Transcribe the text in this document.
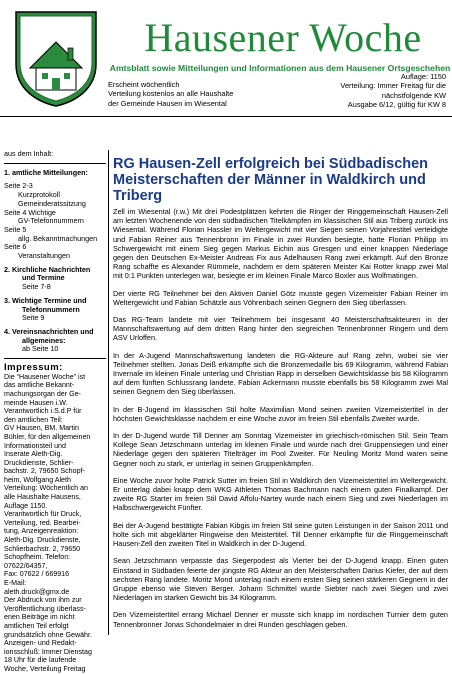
Hausener Woche
Amtsblatt sowie Mitteilungen und Informationen aus dem Hausener Ortsgeschehen
Erscheint wöchentlich
Verteilung kostenlos an alle Haushalte
der Gemeinde Hausen im Wiesental
Auflage: 1150
Verteilung: Immer Freitag für die
nächstfolgende KW
Ausgabe 6/12, gültig für KW 8
aus dem Inhalt:
1. amtliche Mitteilungen:
Seite 2-3
Kurzprotokoll
Gemeinderatssitzung
Seite 4 Wichtige
GV-Telefonnummern
Seite 5
allg. Bekanntmachungen
Seite 6
Veranstaltungen
2. Kirchliche Nachrichten
und Termine
Seite 7-8
3. Wichtige Termine und
Telefonnummern
Seite 9
4. Vereinsnachrichten und
allgemeines:
ab Seite 10
Impressum:
Die “Hausener Woche” ist
das amtliche Bekannt-
machungsorgan der Ge-
meinde Hausen i.W.
Verantwortlich i.S.d.P für
den amtlichen Teil:
GV Hausen, BM. Martin
Bühler, für den allgemeinen
Informationsteil und
Inserate Aleth-Dig.
Druckdienste, Schlier-
bachstr. 2, 79650 Schopf-
heim, Wolfgang Aleth
Verteilung: Wöchentlich an
alle Haushalte Hausens,
Auflage 1150.
Verantwortlich für Druck,
Verteilung, red. Bearbei-
tung, Anzeigenreaktion:
Aleth-Dig. Druckdienste,
Schlierbachstr. 2, 79650
Schopfheim. Telefon:
07622/64357,
Fax: 07622 / 669916
E-Mail:
aleth.druck@gmx.de
Der Abdruck von ihm zur
Veröffentlichung überlass-
enen Beiträge im nicht
amtlichen Teil erfolgt
grundsätzlich ohne Gewähr.
Anzeigen- und Redakt-
ionsschluß: Immer Dienstag
18 Uhr für die laufende
Woche, Verteilung Freitag
RG Hausen-Zell erfolgreich bei Südbadischen Meisterschaften der Männer in Waldkirch und Triberg

Zell im Wiesental (r.w.) Mit drei Podestplätzen kehrten die Ringer der Ringgemeinschaft Hausen-Zell am letzten Wochenende von den südbadischen Titelkämpfen im klassischen Stil aus Triberg zurück ins Wiesental. Während Florian Hassler im Weltergewicht mit vier Siegen seinen Vorjahrestitel verteidigte und Fabian Reiner aus Tennenbronn im Finale in zwei Runden besiegte, hatte Florian Philipp im Schwergewicht mit einem Sieg gegen Markus Eichin aus Gresgen und einer knappen Niederlage gegen den Deutschen Ex-Meister Andreas Fix aus Adelhausen Rang zwei erkämpft. Auf den Bronze Rang schaffte es Alexander Rümmele, nachdem er dem späteren Meister Kai Rotter knapp zwei Mal mit 0:1 Punkten unterlegen war, besiegte er im kleinen Finale Marco Boxler aus Wolfmatingen.

Der vierte RG Teilnehmer bei den Aktiven Daniel Götz musste gegen Vizemeister Fabian Reiner im Weltergewicht und Fabian Schätzle aus Vöhrenbach seinen Gegnern den Sieg überlassen.

Das RG-Team landete mit vier Teilnehmern bei insgesamt 40 Meisterschaftsakteuren in der Mannschaftswertung auf dem dritten Rang hinter den siegreichen Tennenbronner Ringern und dem ASV Urloffen.

In der A-Jugend Mannschaftswertung landeten die RG-Akteure auf Rang zehn, wobei sie vier Teilnehmer stellten. Jonas Deiß erkämpfte sich die Bronzemedaille bis 69 Kilogramm, während Fabian Invernale im kleinen Finale unterlag und Christian Rapp in derselben Gewichtsklasse bis 58 Kilogramm auf dem fünften Schlussrang landete. Fabian Ackermann musste ebenfalls bis 58 Kilogramm zwei Mal seinen Gegnern den Sieg überlassen.

In der B-Jugend im klassischen Stil holte Maximilian Mond seinen zweiten Vizemeistertitel in der höchsten Gewichtsklasse nachdem er eine Woche zuvor im freien Stil ebenfalls Zweiter wurde.

In der D-Jugend wurde Till Denner am Sonntag Vizemeister im griechisch-römischen Stil. Sein Team Kollege Sean Jetzschmann unterlag im kleinen Finale und wurde nach drei Gruppensiegen und einer Niederlage gegen den späteren Titelträger im Pool Zweiter. Für Neuling Moritz Mond waren seine Gegner noch zu stark, er unterlag in seinen Gruppenkämpfen.

Eine Woche zuvor holte Patrick Sutter im freien Stil in Waldkirch den Vizemeistertitel im Weltergewicht. Er unterlag dabei knapp dem WKG Athleten Thomas Bachmann nach einem guten Finalkampf. Der zweite RG Starter im freien Stil David Affolu-Nartey wurde nach einem Sieg und zwei Niederlagen im Halbschwergewicht Fünfter.

Bei der A-Jugend bestätigte Fabian Kibgis im freien Stil seine guten Leistungen in der Saison 2011 und holte sich mit abgeklärter Ringweise den Meistertitel. Till Denner erkämpfte für die Ringgemeinschaft Hausen-Zell den zweiten Titel in Waldkirch in der D-Jugend.

Sean Jetzschmann verpasste das Siegerpodest als Vierter bei der D-Jugend knapp. Einen guten Einstand in Südbaden feierte der jüngste RG Akteur an den Meisterschaften Darius Kiefer, der auf dem sechsten Rang landete. Moritz Mond unterlag nach einem ersten Sieg seinen stärkeren Gegnern in der Gruppe ebenso wie Steven Berger. Johann Schmittel wurde Siebter nach zwei Siegen und zwei Niederlagen im starken Gewicht bis 34 Kilogramm.

Den Vizemeistertitel errang Michael Denner er musste sich knapp im nordischen Turnier dem guten Tennenbronner Jonas Schondelmaier in drei Runden geschlagen geben.
